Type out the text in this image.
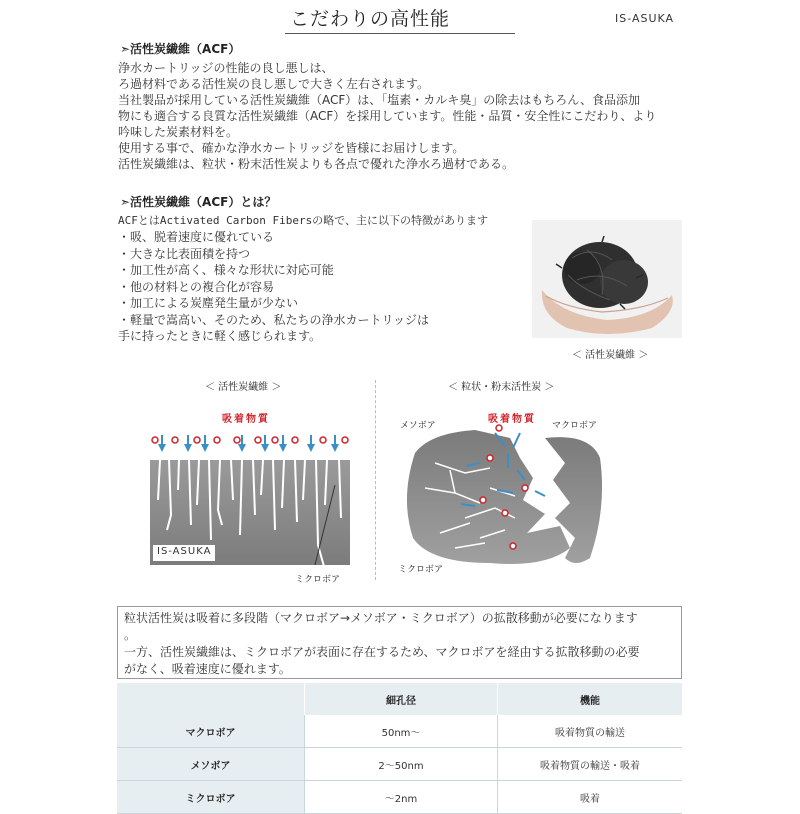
こだわりの高性能	IS-ASUKA
➣活性炭繊維（ACF）
浄水カートリッジの性能の良し悪しは、
ろ過材料である活性炭の良し悪しで大きく左右されます。
当社製品が採用している活性炭繊維（ACF）は、「塩素・カルキ臭」の除去はもちろん、食品添加
物にも適合する良質な活性炭繊維（ACF）を採用しています。性能・品質・安全性にこだわり、より
吟味した炭素材料を。
使用する事で、確かな浄水カートリッジを皆様にお届けします。
活性炭繊維は、粒状・粉末活性炭よりも各点で優れた浄水ろ過材である。
➣活性炭繊維（ACF）とは？
ACFとはActivated Carbon Fibersの略で、主に以下の特徴があります
・吸、脱着速度に優れている
・大きな比表面積を持つ
・加工性が高く、様々な形状に対応可能
・他の材料との複合化が容易
・加工による炭塵発生量が少ない
・軽量で嵩高い、そのため、私たちの浄水カートリッジは
手に持ったときに軽く感じられます。
＜ 活性炭繊維 ＞
＜ 活性炭繊維 ＞	＜ 粒状・粉末活性炭 ＞
吸着物質	吸着物質
IS-ASUKA
ミクロボア
メソボア	マクロボア
ミクロボア
粒状活性炭は吸着に多段階（マクロボア→メソボア・ミクロボア）の拡散移動が必要になります
。
一方、活性炭繊維は、ミクロボアが表面に存在するため、マクロボアを経由する拡散移動の必要
がなく、吸着速度に優れます。
	細孔径	機能
マクロボア	50nm〜	吸着物質の輸送
メソボア	2〜50nm	吸着物質の輸送・吸着
ミクロボア	〜2nm	吸着
